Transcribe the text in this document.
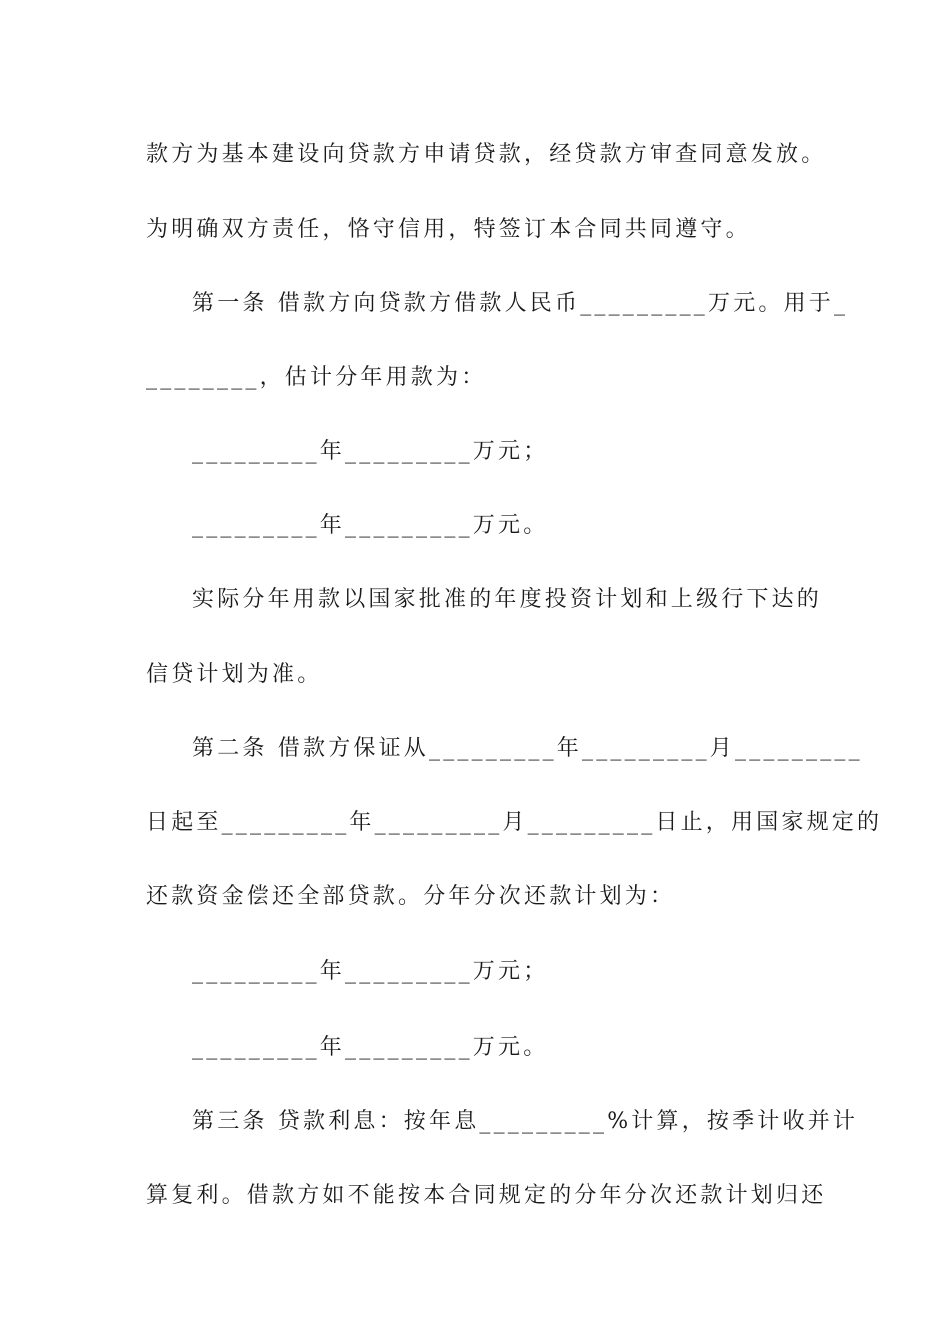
款方为基本建设向贷款方申请贷款，经贷款方审查同意发放。
为明确双方责任，恪守信用，特签订本合同共同遵守。
第一条 借款方向贷款方借款人民币_________万元。用于_
________，估计分年用款为：
_________年_________万元；
_________年_________万元。
实际分年用款以国家批准的年度投资计划和上级行下达的
信贷计划为准。
第二条 借款方保证从_________年_________月_________
日起至_________年_________月_________日止，用国家规定的
还款资金偿还全部贷款。分年分次还款计划为：
_________年_________万元；
_________年_________万元。
第三条 贷款利息：按年息_________%计算，按季计收并计
算复利。借款方如不能按本合同规定的分年分次还款计划归还
